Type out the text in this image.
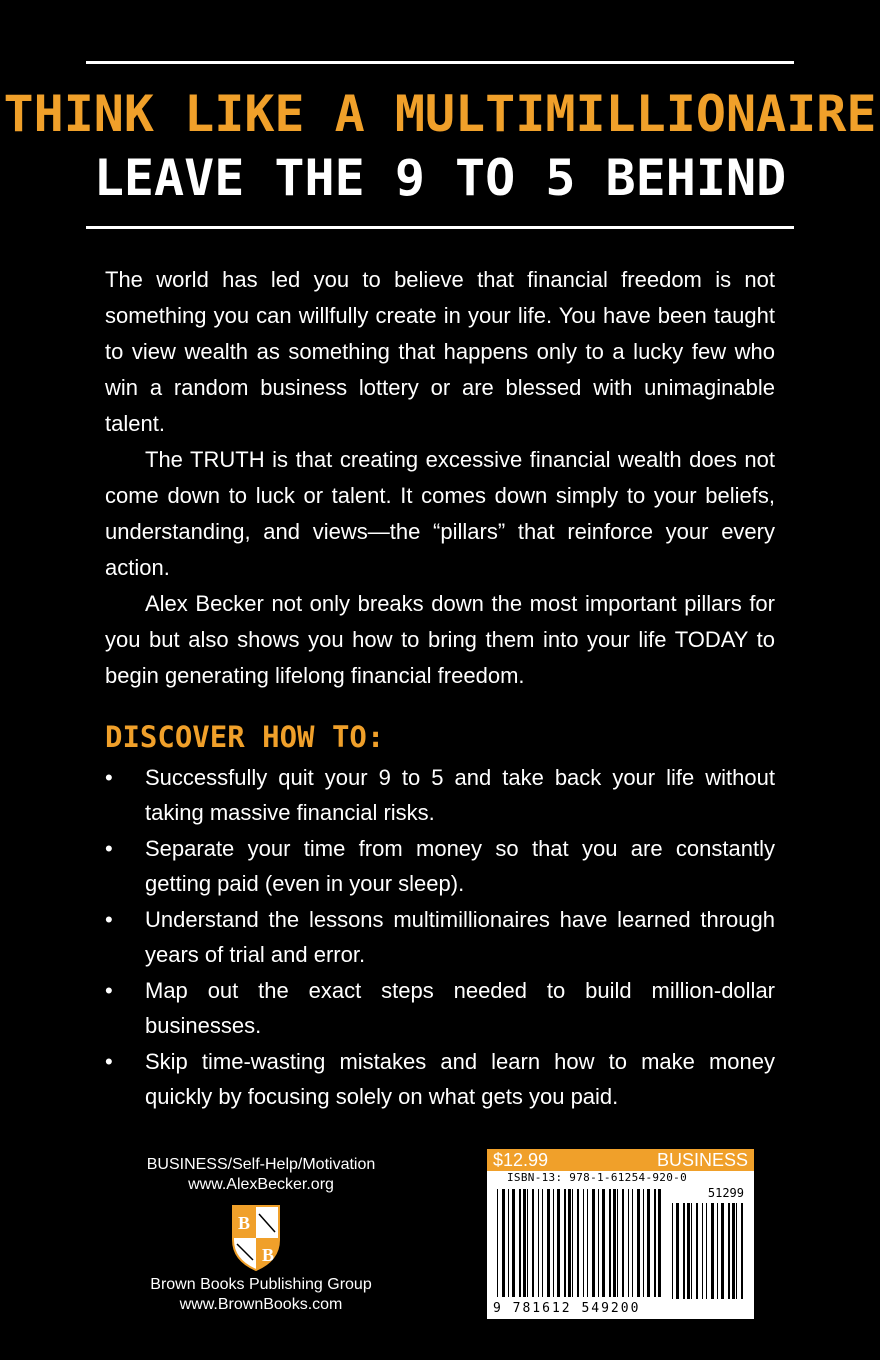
THINK LIKE A MULTIMILLIONAIRE
LEAVE THE 9 TO 5 BEHIND

The world has led you to believe that financial freedom is not something you can willfully create in your life. You have been taught to view wealth as something that happens only to a lucky few who win a random business lottery or are blessed with unimaginable talent.

The TRUTH is that creating excessive financial wealth does not come down to luck or talent. It comes down simply to your beliefs, understanding, and views—the “pillars” that reinforce your every action.

Alex Becker not only breaks down the most important pillars for you but also shows you how to bring them into your life TODAY to begin generating lifelong financial freedom.

DISCOVER HOW TO:
•	Successfully quit your 9 to 5 and take back your life without taking massive financial risks.
•	Separate your time from money so that you are constantly getting paid (even in your sleep).
•	Understand the lessons multimillionaires have learned through years of trial and error.
•	Map out the exact steps needed to build million-dollar businesses.
•	Skip time-wasting mistakes and learn how to make money quickly by focusing solely on what gets you paid.
BUSINESS/Self-Help/Motivation
www.AlexBecker.org
B
B
Brown Books Publishing Group
www.BrownBooks.com
$12.99	BUSINESS
ISBN-13: 978-1-61254-920-0
51299
9 781612 549200
